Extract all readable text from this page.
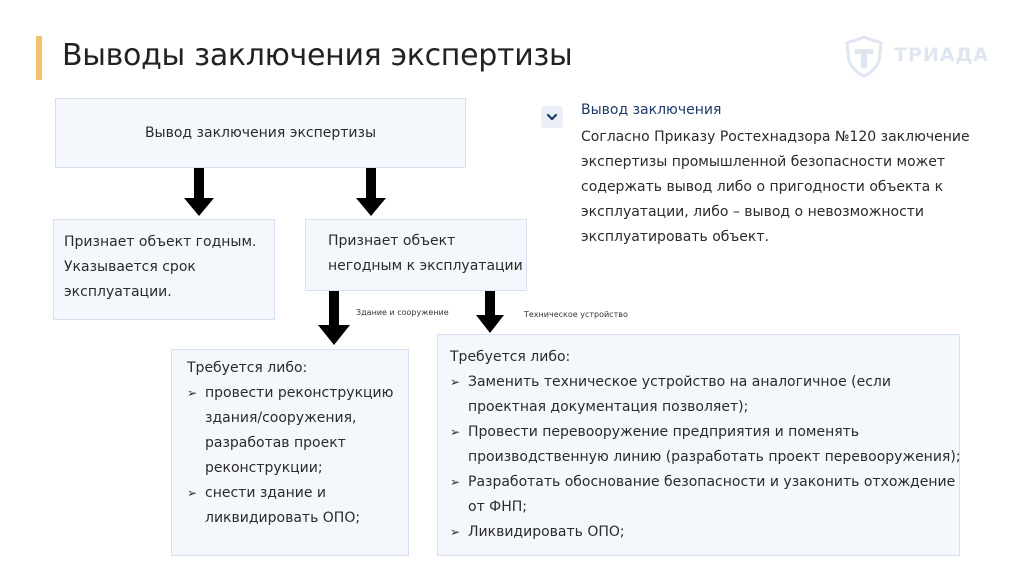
Выводы заключения экспертизы	ТРИАДА
Вывод заключения экспертизы
Признает объект годным.
Указывается срок
эксплуатации.
Признает объект
негодным к эксплуатации
Здание и сооружение	Техническое устройство
Требуется либо:
➢ провести реконструкцию
здания/сооружения,
разработав проект
реконструкции;
➢ снести здание и
ликвидировать ОПО;
Требуется либо:
➢ Заменить техническое устройство на аналогичное (если
проектная документация позволяет);
➢ Провести перевооружение предприятия и поменять
производственную линию (разработать проект перевооружения);
➢ Разработать обоснование безопасности и узаконить отхождение
от ФНП;
➢ Ликвидировать ОПО;
Вывод заключения
Согласно Приказу Ростехнадзора №120 заключение
экспертизы промышленной безопасности может
содержать вывод либо о пригодности объекта к
эксплуатации, либо – вывод о невозможности
эксплуатировать объект.
